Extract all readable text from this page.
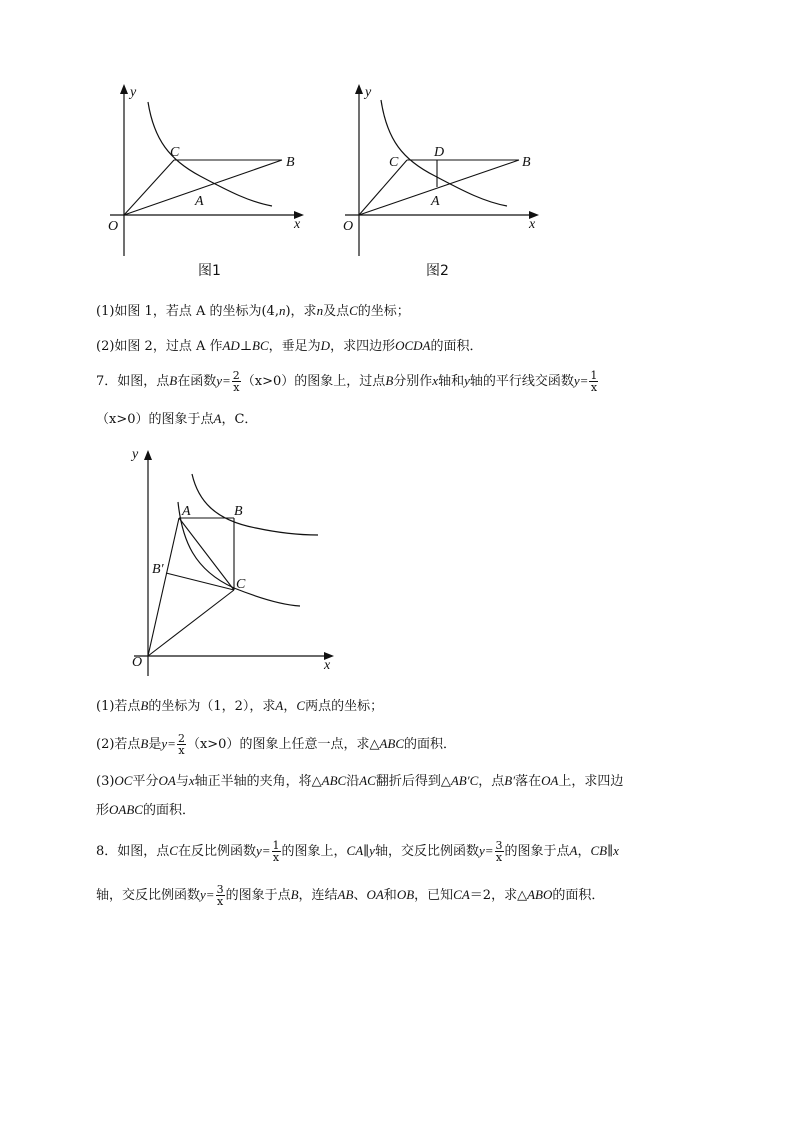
y
x
O
C
B
A
图1
y
x
O
C
D
B
A
图2
(1)如图 1，若点 A 的坐标为(4,n)，求n及点C的坐标；
(2)如图 2，过点 A 作AD⊥BC，垂足为D，求四边形OCDA的面积．
7．如图，点B在函数$y= \frac{2}{x} (x>0)$的图象上，过点B分别作x轴和y轴的平行线交函数$y= \frac{1}{x}$
（x>0）的图象于点A，C．
y
x
O
A	B
B′
C
(1)若点B的坐标为（1，2），求A，C两点的坐标；
(2)若点B是$y= \frac{2}{x} (x>0)$的图象上任意一点，求△ABC的面积．
(3)OC平分OA与x轴正半轴的夹角，将△ABC沿AC翻折后得到△AB′C，点B′落在OA上，求四边
形OABC的面积．
8．如图，点C在反比例函数$y= \frac{1}{x}$ 的图象上，CA∥y轴，交反比例函数$y= \frac{3}{x}$ 的图象于点A，CB∥x
轴，交反比例函数$y= \frac{3}{x}$ 的图象于点B，连结AB、OA和OB，已知CA＝2，求△ABO的面积．
